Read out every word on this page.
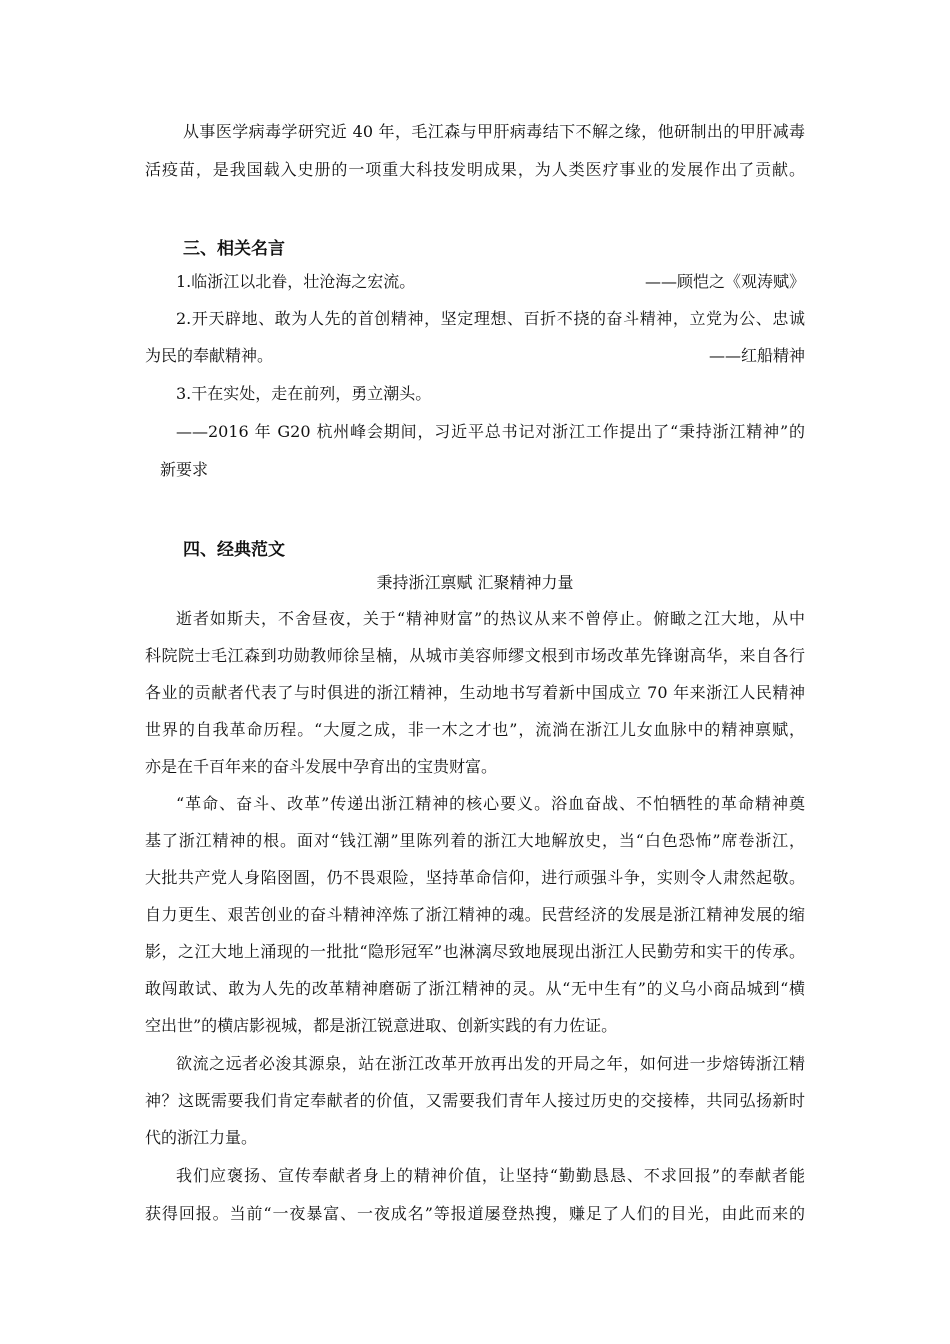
从事医学病毒学研究近 40 年，毛江森与甲肝病毒结下不解之缘，他研制出的甲肝减毒
活疫苗，是我国载入史册的一项重大科技发明成果，为人类医疗事业的发展作出了贡献。
三、相关名言
1.临浙江以北眷，壮沧海之宏流。	——顾恺之《观涛赋》
2.开天辟地、敢为人先的首创精神，坚定理想、百折不挠的奋斗精神，立党为公、忠诚
为民的奉献精神。	——红船精神
3.干在实处，走在前列，勇立潮头。
——2016 年 G20 杭州峰会期间，习近平总书记对浙江工作提出了“秉持浙江精神”的
新要求
四、经典范文
秉持浙江禀赋 汇聚精神力量
逝者如斯夫，不舍昼夜，关于“精神财富”的热议从来不曾停止。俯瞰之江大地，从中
科院院士毛江森到功勋教师徐呈楠，从城市美容师缪文根到市场改革先锋谢高华，来自各行
各业的贡献者代表了与时俱进的浙江精神，生动地书写着新中国成立 70 年来浙江人民精神
世界的自我革命历程。“大厦之成，非一木之才也”，流淌在浙江儿女血脉中的精神禀赋，
亦是在千百年来的奋斗发展中孕育出的宝贵财富。
“革命、奋斗、改革”传递出浙江精神的核心要义。浴血奋战、不怕牺牲的革命精神奠
基了浙江精神的根。面对“钱江潮”里陈列着的浙江大地解放史，当“白色恐怖”席卷浙江，
大批共产党人身陷囹圄，仍不畏艰险，坚持革命信仰，进行顽强斗争，实则令人肃然起敬。
自力更生、艰苦创业的奋斗精神淬炼了浙江精神的魂。民营经济的发展是浙江精神发展的缩
影，之江大地上涌现的一批批“隐形冠军”也淋漓尽致地展现出浙江人民勤劳和实干的传承。
敢闯敢试、敢为人先的改革精神磨砺了浙江精神的灵。从“无中生有”的义乌小商品城到“横
空出世”的横店影视城，都是浙江锐意进取、创新实践的有力佐证。
欲流之远者必浚其源泉，站在浙江改革开放再出发的开局之年，如何进一步熔铸浙江精
神？这既需要我们肯定奉献者的价值，又需要我们青年人接过历史的交接棒，共同弘扬新时
代的浙江力量。
我们应褒扬、宣传奉献者身上的精神价值，让坚持“勤勤恳恳、不求回报”的奉献者能
获得回报。当前“一夜暴富、一夜成名”等报道屡登热搜，赚足了人们的目光，由此而来的
